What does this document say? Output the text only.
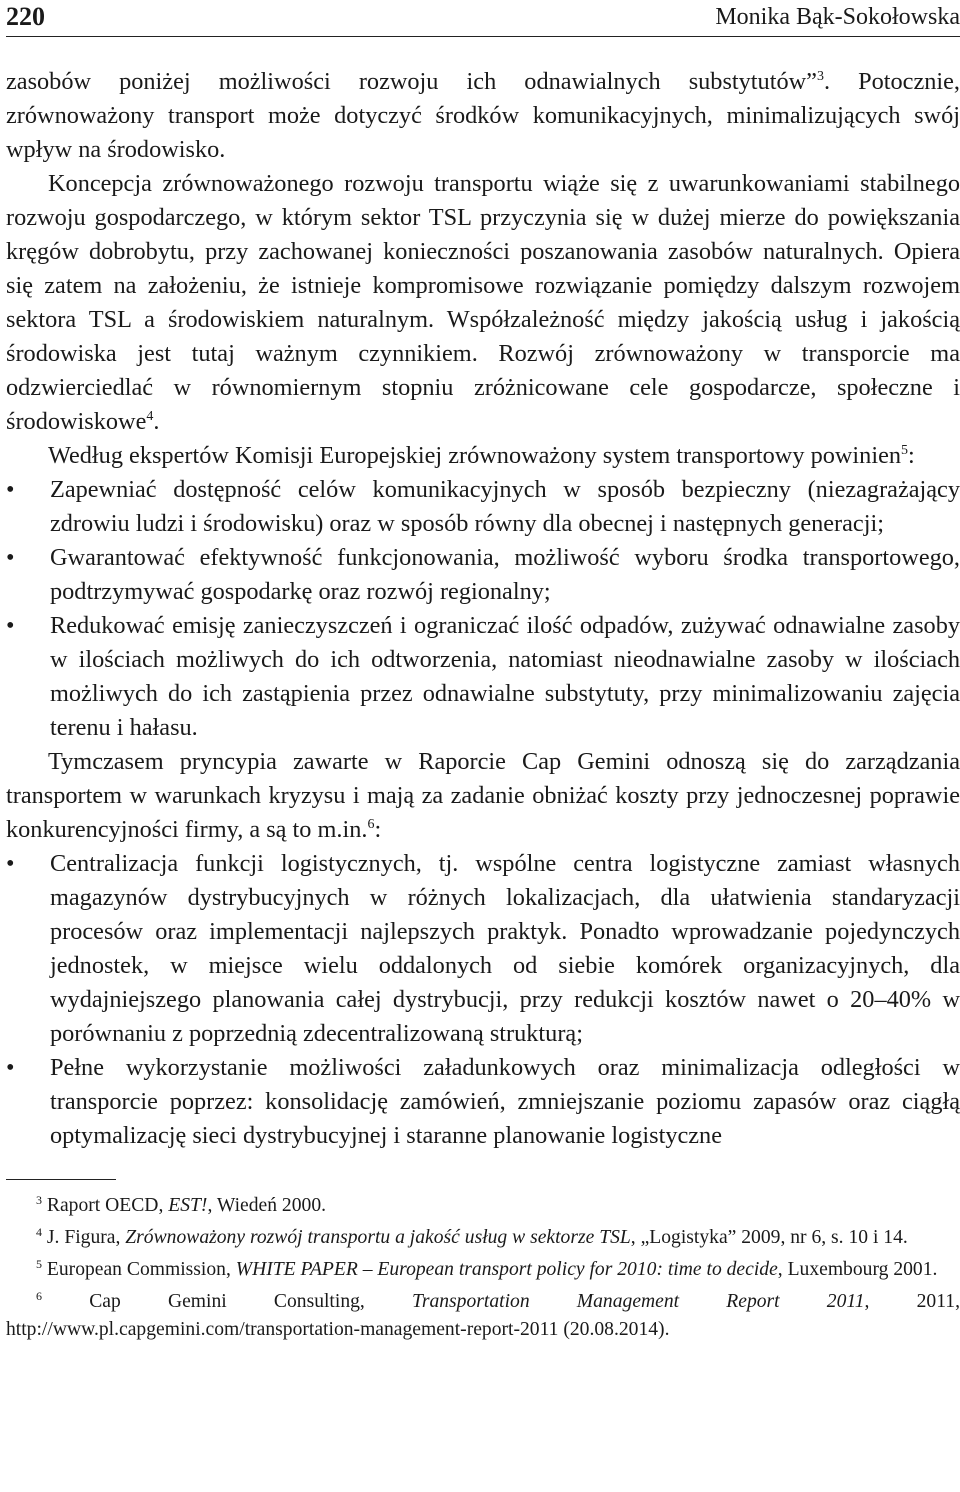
220	Monika Bąk-Sokołowska

zasobów poniżej możliwości rozwoju ich odnawialnych substytutów”$^3$. Potocznie, zrównoważony transport może dotyczyć środków komunikacyjnych, minimalizujących swój wpływ na środowisko.

Koncepcja zrównoważonego rozwoju transportu wiąże się z uwarunkowaniami stabilnego rozwoju gospodarczego, w którym sektor TSL przyczynia się w dużej mierze do powiększania kręgów dobrobytu, przy zachowanej konieczności poszanowania zasobów naturalnych. Opiera się zatem na założeniu, że istnieje kompromisowe rozwiązanie pomiędzy dalszym rozwojem sektora TSL a środowiskiem naturalnym. Współzależność między jakością usług i jakością środowiska jest tutaj ważnym czynnikiem. Rozwój zrównoważony w transporcie ma odzwierciedlać w równomiernym stopniu zróżnicowane cele gospodarcze, społeczne i środowiskowe$^4$.

Według ekspertów Komisji Europejskiej zrównoważony system transportowy powinien$^5$:

• Zapewniać dostępność celów komunikacyjnych w sposób bezpieczny (niezagrażający zdrowiu ludzi i środowisku) oraz w sposób równy dla obecnej i następnych generacji;
• Gwarantować efektywność funkcjonowania, możliwość wyboru środka transportowego, podtrzymywać gospodarkę oraz rozwój regionalny;
• Redukować emisję zanieczyszczeń i ograniczać ilość odpadów, zużywać odnawialne zasoby w ilościach możliwych do ich odtworzenia, natomiast nieodnawialne zasoby w ilościach możliwych do ich zastąpienia przez odnawialne substytuty, przy minimalizowaniu zajęcia terenu i hałasu.

Tymczasem pryncypia zawarte w Raporcie Cap Gemini odnoszą się do zarządzania transportem w warunkach kryzysu i mają za zadanie obniżać koszty przy jednoczesnej poprawie konkurencyjności firmy, a są to m.in.$^6$:

• Centralizacja funkcji logistycznych, tj. wspólne centra logistyczne zamiast własnych magazynów dystrybucyjnych w różnych lokalizacjach, dla ułatwienia standaryzacji procesów oraz implementacji najlepszych praktyk. Ponadto wprowadzanie pojedynczych jednostek, w miejsce wielu oddalonych od siebie komórek organizacyjnych, dla wydajniejszego planowania całej dystrybucji, przy redukcji kosztów nawet o 20–40% w porównaniu z poprzednią zdecentralizowaną strukturą;
• Pełne wykorzystanie możliwości załadunkowych oraz minimalizacja odległości w transporcie poprzez: konsolidację zamówień, zmniejszanie poziomu zapasów oraz ciągłą optymalizację sieci dystrybucyjnej i staranne planowanie logistyczne

$^3$ Raport OECD, EST!, Wiedeń 2000.

$^4$ J. Figura, Zrównoważony rozwój transportu a jakość usług w sektorze TSL, „Logistyka” 2009, nr 6, s. 10 i 14.

$^5$ European Commission, WHITE PAPER – European transport policy for 2010: time to decide, Luxembourg 2001.

$^6$ Cap Gemini Consulting, Transportation Management Report 2011, 2011, http://www.pl.capgemini.com/transportation-management-report-2011 (20.08.2014).
